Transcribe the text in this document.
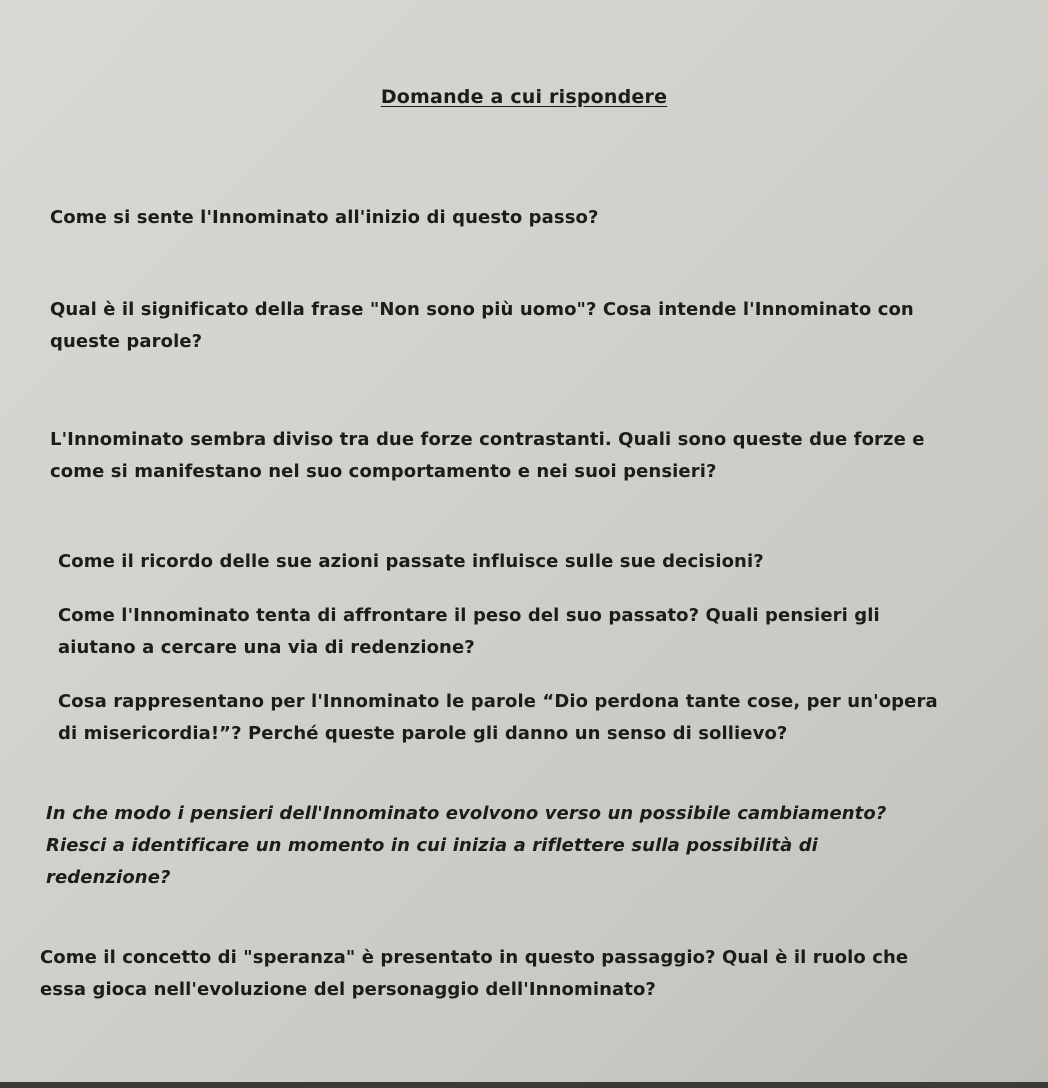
Domande a cui rispondere
Come si sente l'Innominato all'inizio di questo passo?
Qual è il significato della frase "Non sono più uomo"? Cosa intende l'Innominato con
queste parole?
L'Innominato sembra diviso tra due forze contrastanti. Quali sono queste due forze e
come si manifestano nel suo comportamento e nei suoi pensieri?
Come il ricordo delle sue azioni passate influisce sulle sue decisioni?
Come l'Innominato tenta di affrontare il peso del suo passato? Quali pensieri gli
aiutano a cercare una via di redenzione?
Cosa rappresentano per l'Innominato le parole “Dio perdona tante cose, per un'opera
di misericordia!”? Perché queste parole gli danno un senso di sollievo?
In che modo i pensieri dell'Innominato evolvono verso un possibile cambiamento?
Riesci a identificare un momento in cui inizia a riflettere sulla possibilità di
redenzione?
Come il concetto di "speranza" è presentato in questo passaggio? Qual è il ruolo che
essa gioca nell'evoluzione del personaggio dell'Innominato?
